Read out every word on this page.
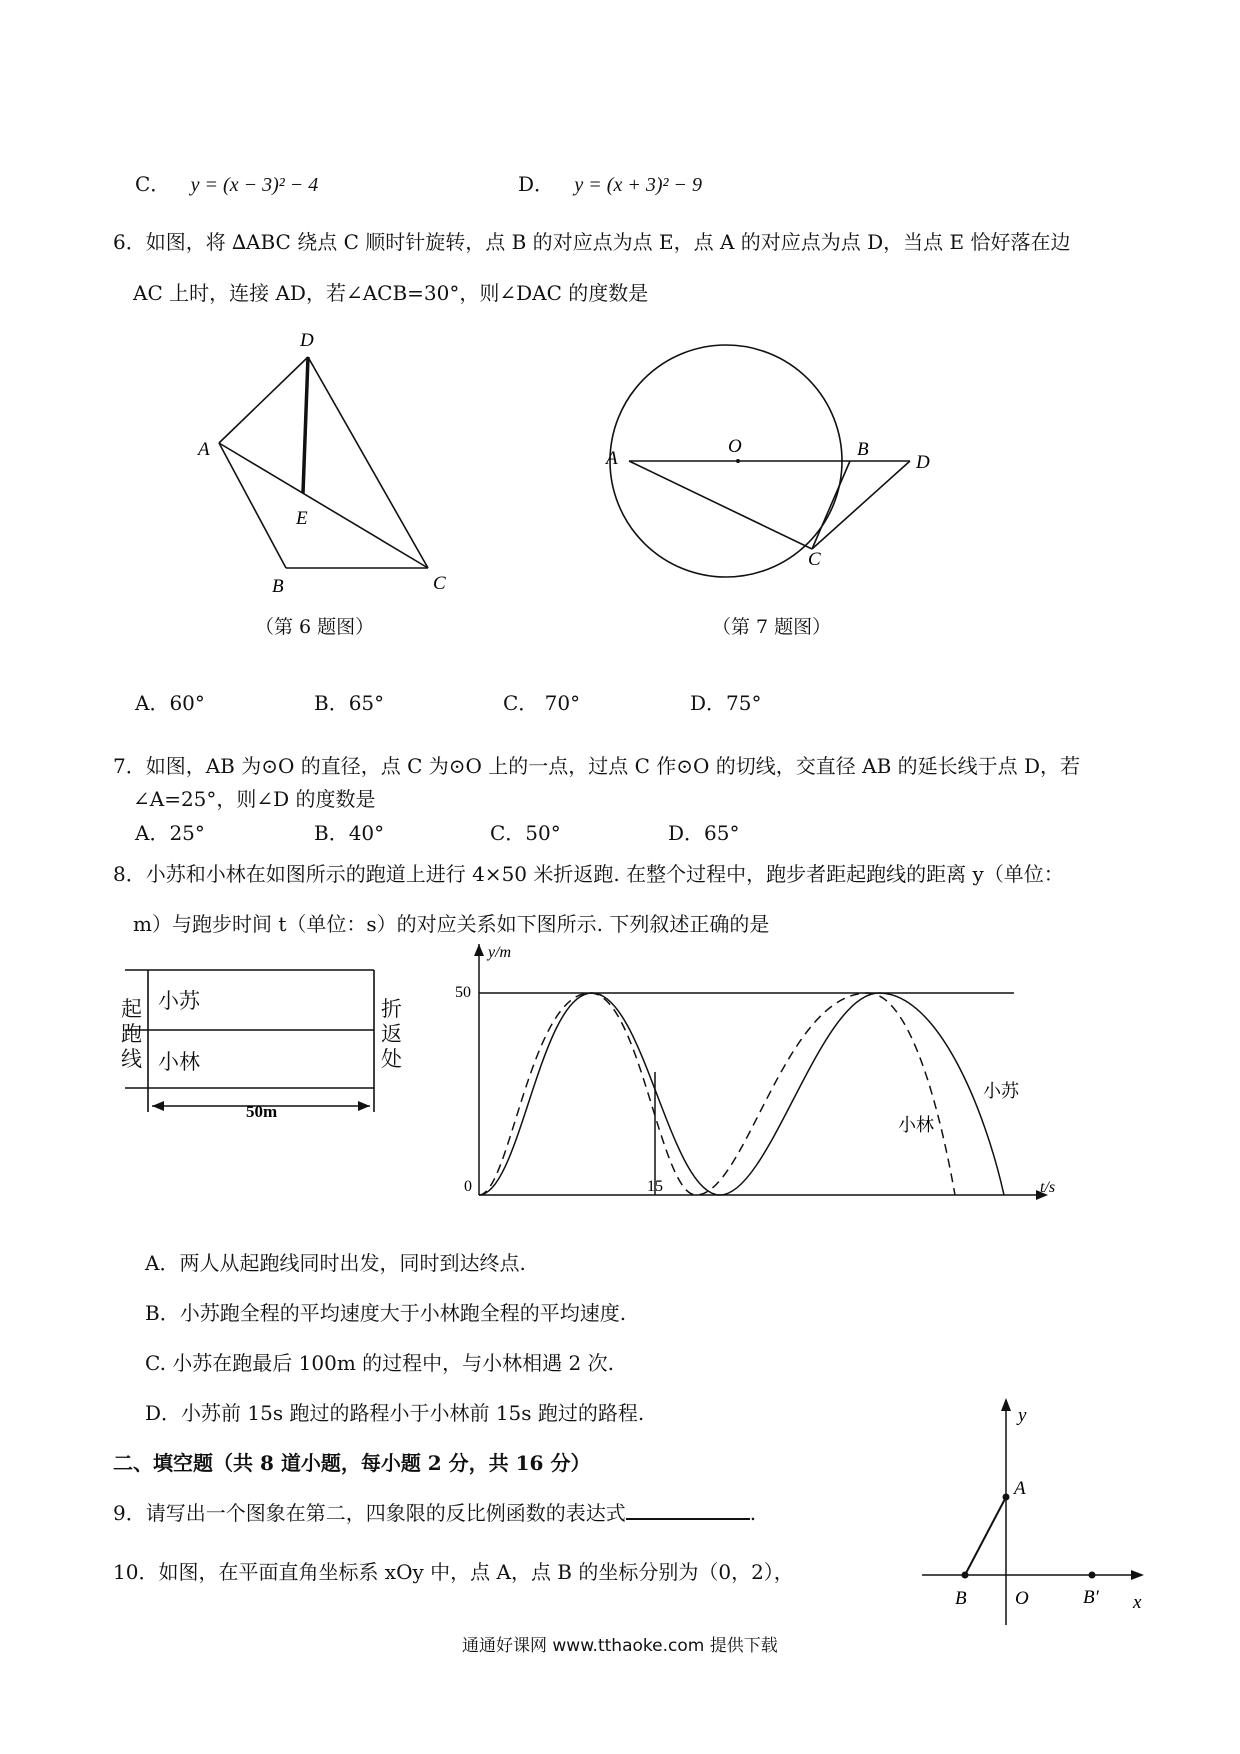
C． y = (x − 3)² − 4	D． y = (x + 3)² − 9
6．如图，将 ∆ABC 绕点 C 顺时针旋转，点 B 的对应点为点 E，点 A 的对应点为点 D，当点 E 恰好落在边
AC 上时，连接 AD，若∠ACB=30°，则∠DAC 的度数是
D
A
E
B	C
（第 6 题图）
A
O	B
D
C
（第 7 题图）
A．60°	B．65°	C． 70°	D．75°
7．如图，AB 为⊙O 的直径，点 C 为⊙O 上的一点，过点 C 作⊙O 的切线，交直径 AB 的延长线于点 D，若
∠A=25°，则∠D 的度数是
A．25°	B．40°	C．50°	D．65°
8．小苏和小林在如图所示的跑道上进行 4×50 米折返跑. 在整个过程中，跑步者距起跑线的距离 y（单位：
m）与跑步时间 t（单位：s）的对应关系如下图所示. 下列叙述正确的是
50m
起跑线
折返处
小苏
小林
y/m
t/s
0
50
15
小苏
小林
A．两人从起跑线同时出发，同时到达终点.
B．小苏跑全程的平均速度大于小林跑全程的平均速度.
C. 小苏在跑最后 100m 的过程中，与小林相遇 2 次.
D．小苏前 15s 跑过的路程小于小林前 15s 跑过的路程.
二、填空题（共 8 道小题，每小题 2 分，共 16 分）
9．请写出一个图象在第二，四象限的反比例函数的表达式	.
10．如图，在平面直角坐标系 xOy 中，点 A，点 B 的坐标分别为（0，2），
y
x
A
B	O	B′
通通好课网 www.tthaoke.com 提供下载
